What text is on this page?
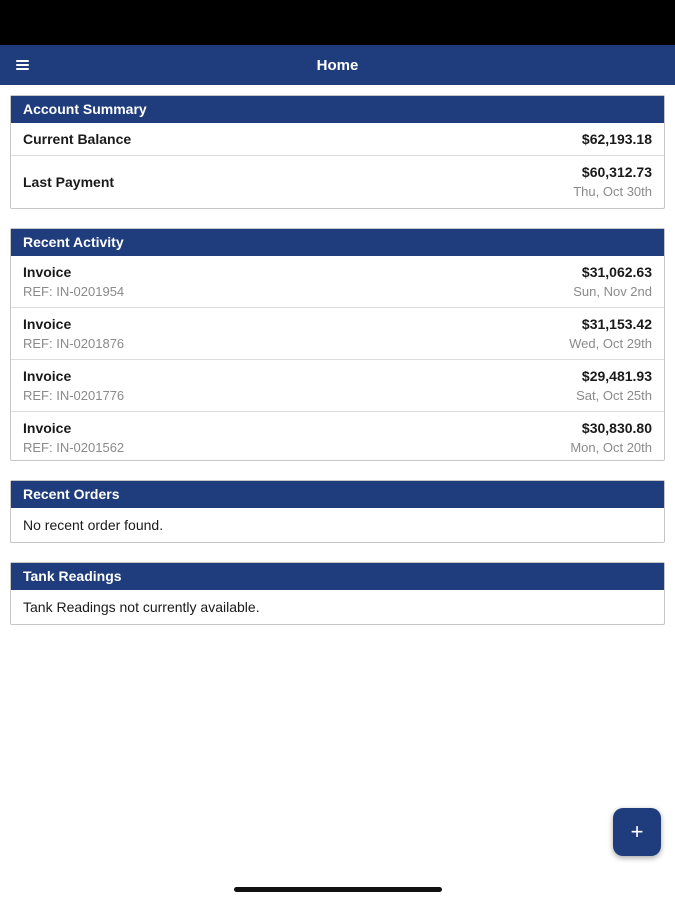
Home
Account Summary
Current Balance	$62,193.18
Last Payment
$60,312.73
Thu, Oct 30th
Recent Activity
Invoice
REF: IN-0201954
$31,062.63
Sun, Nov 2nd
Invoice
REF: IN-0201876
$31,153.42
Wed, Oct 29th
Invoice
REF: IN-0201776
$29,481.93
Sat, Oct 25th
Invoice
REF: IN-0201562
$30,830.80
Mon, Oct 20th
Recent Orders
No recent order found.
Tank Readings
Tank Readings not currently available.
+
